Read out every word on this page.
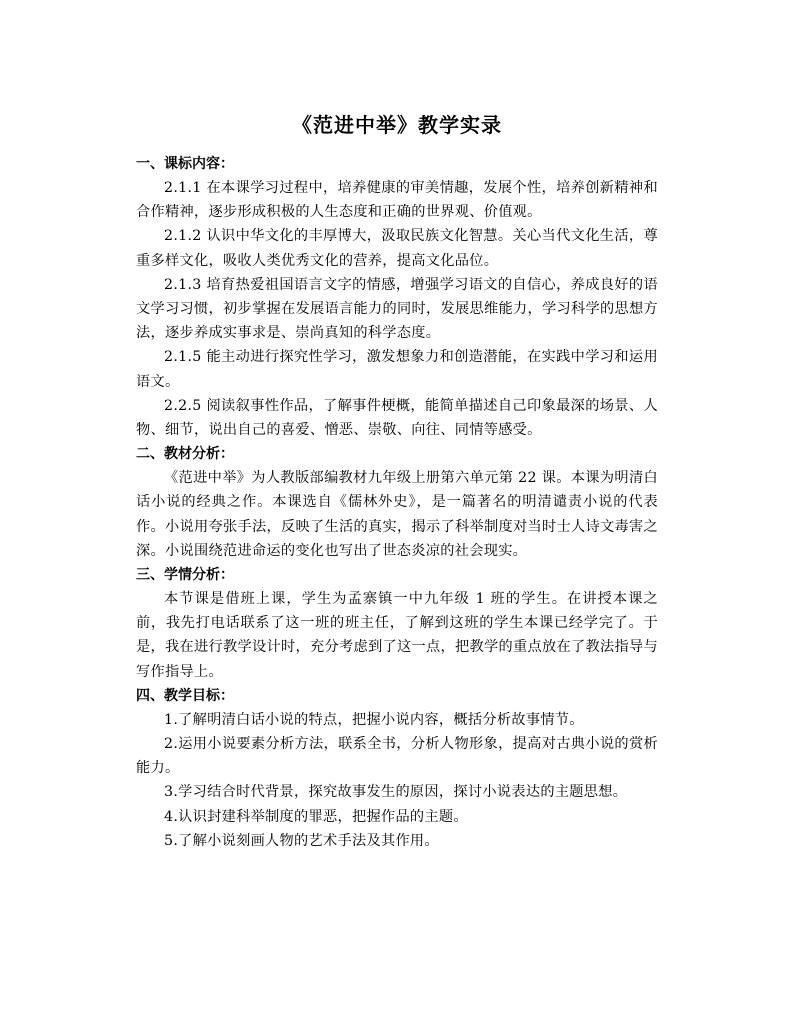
《范进中举》教学实录

一、课标内容：

2.1.1 在本课学习过程中，培养健康的审美情趣，发展个性，培养创新精神和合作精神，逐步形成积极的人生态度和正确的世界观、价值观。

2.1.2 认识中华文化的丰厚博大，汲取民族文化智慧。关心当代文化生活，尊重多样文化，吸收人类优秀文化的营养，提高文化品位。

2.1.3 培育热爱祖国语言文字的情感，增强学习语文的自信心，养成良好的语文学习习惯，初步掌握在发展语言能力的同时，发展思维能力，学习科学的思想方法，逐步养成实事求是、崇尚真知的科学态度。

2.1.5 能主动进行探究性学习，激发想象力和创造潜能，在实践中学习和运用语文。

2.2.5 阅读叙事性作品，了解事件梗概，能简单描述自己印象最深的场景、人物、细节，说出自己的喜爱、憎恶、崇敬、向往、同情等感受。

二、教材分析：

《范进中举》为人教版部编教材九年级上册第六单元第 22 课。本课为明清白话小说的经典之作。本课选自《儒林外史》，是一篇著名的明清谴责小说的代表作。小说用夸张手法，反映了生活的真实，揭示了科举制度对当时士人诗文毒害之深。小说围绕范进命运的变化也写出了世态炎凉的社会现实。

三、学情分析：

本节课是借班上课，学生为孟寨镇一中九年级 1 班的学生。在讲授本课之前，我先打电话联系了这一班的班主任，了解到这班的学生本课已经学完了。于是，我在进行教学设计时，充分考虑到了这一点，把教学的重点放在了教法指导与写作指导上。

四、教学目标：

1.了解明清白话小说的特点，把握小说内容，概括分析故事情节。

2.运用小说要素分析方法，联系全书，分析人物形象，提高对古典小说的赏析能力。

3.学习结合时代背景，探究故事发生的原因，探讨小说表达的主题思想。

4.认识封建科举制度的罪恶，把握作品的主题。

5.了解小说刻画人物的艺术手法及其作用。
